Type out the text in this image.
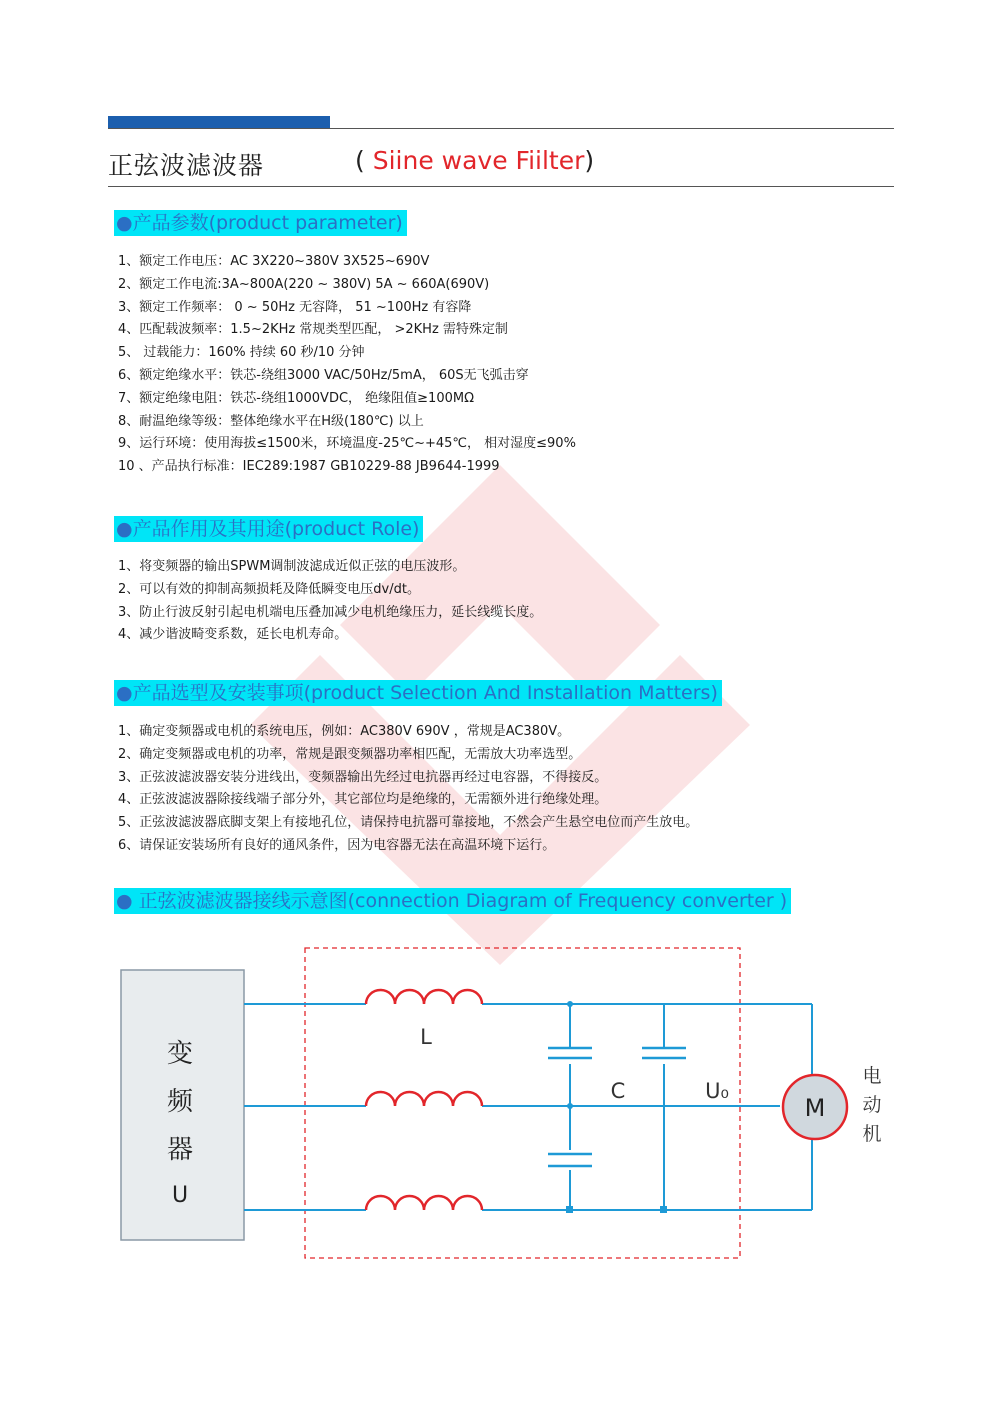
正弦波滤波器	( Siine wave Fiilter)
●产品参数(product parameter)
1、额定工作电压：AC 3X220~380V 3X525~690V
2、额定工作电流:3A~800A(220 ~ 380V) 5A ~ 660A(690V)
3、额定工作频率： 0 ~ 50Hz 无容降， 51 ~100Hz 有容降
4、匹配载波频率：1.5~2KHz 常规类型匹配， >2KHz 需特殊定制
5、 过载能力：160% 持续 60 秒/10 分钟
6、额定绝缘水平：铁芯-绕组3000 VAC/50Hz/5mA， 60S无飞弧击穿
7、额定绝缘电阻：铁芯-绕组1000VDC， 绝缘阻值≥100MΩ
8、耐温绝缘等级：整体绝缘水平在H级(180℃) 以上
9、运行环境：使用海拔≤1500米，环境温度-25℃~+45℃， 相对湿度≤90%
10 、产品执行标准：IEC289:1987 GB10229-88 JB9644-1999
●产品作用及其用途(product Role)
1、将变频器的输出SPWM调制波滤成近似正弦的电压波形。
2、可以有效的抑制高频损耗及降低瞬变电压dv/dt。
3、防止行波反射引起电机端电压叠加减少电机绝缘压力，延长线缆长度。
4、减少谐波畸变系数，延长电机寿命。
●产品选型及安装事项(product Selection And Installation Matters)
1、确定变频器或电机的系统电压，例如：AC380V 690V ，常规是AC380V。
2、确定变频器或电机的功率，常规是跟变频器功率相匹配，无需放大功率选型。
3、正弦波滤波器安装分进线出，变频器输出先经过电抗器再经过电容器，不得接反。
4、正弦波滤波器除接线端子部分外，其它部位均是绝缘的，无需额外进行绝缘处理。
5、正弦波滤波器底脚支架上有接地孔位，请保持电抗器可靠接地，不然会产生悬空电位而产生放电。
6、请保证安装场所有良好的通风条件，因为电容器无法在高温环境下运行。
● 正弦波滤波器接线示意图(connection Diagram of Frequency converter )
变
频
器
U
L
C	U₀
M
电
动
机
